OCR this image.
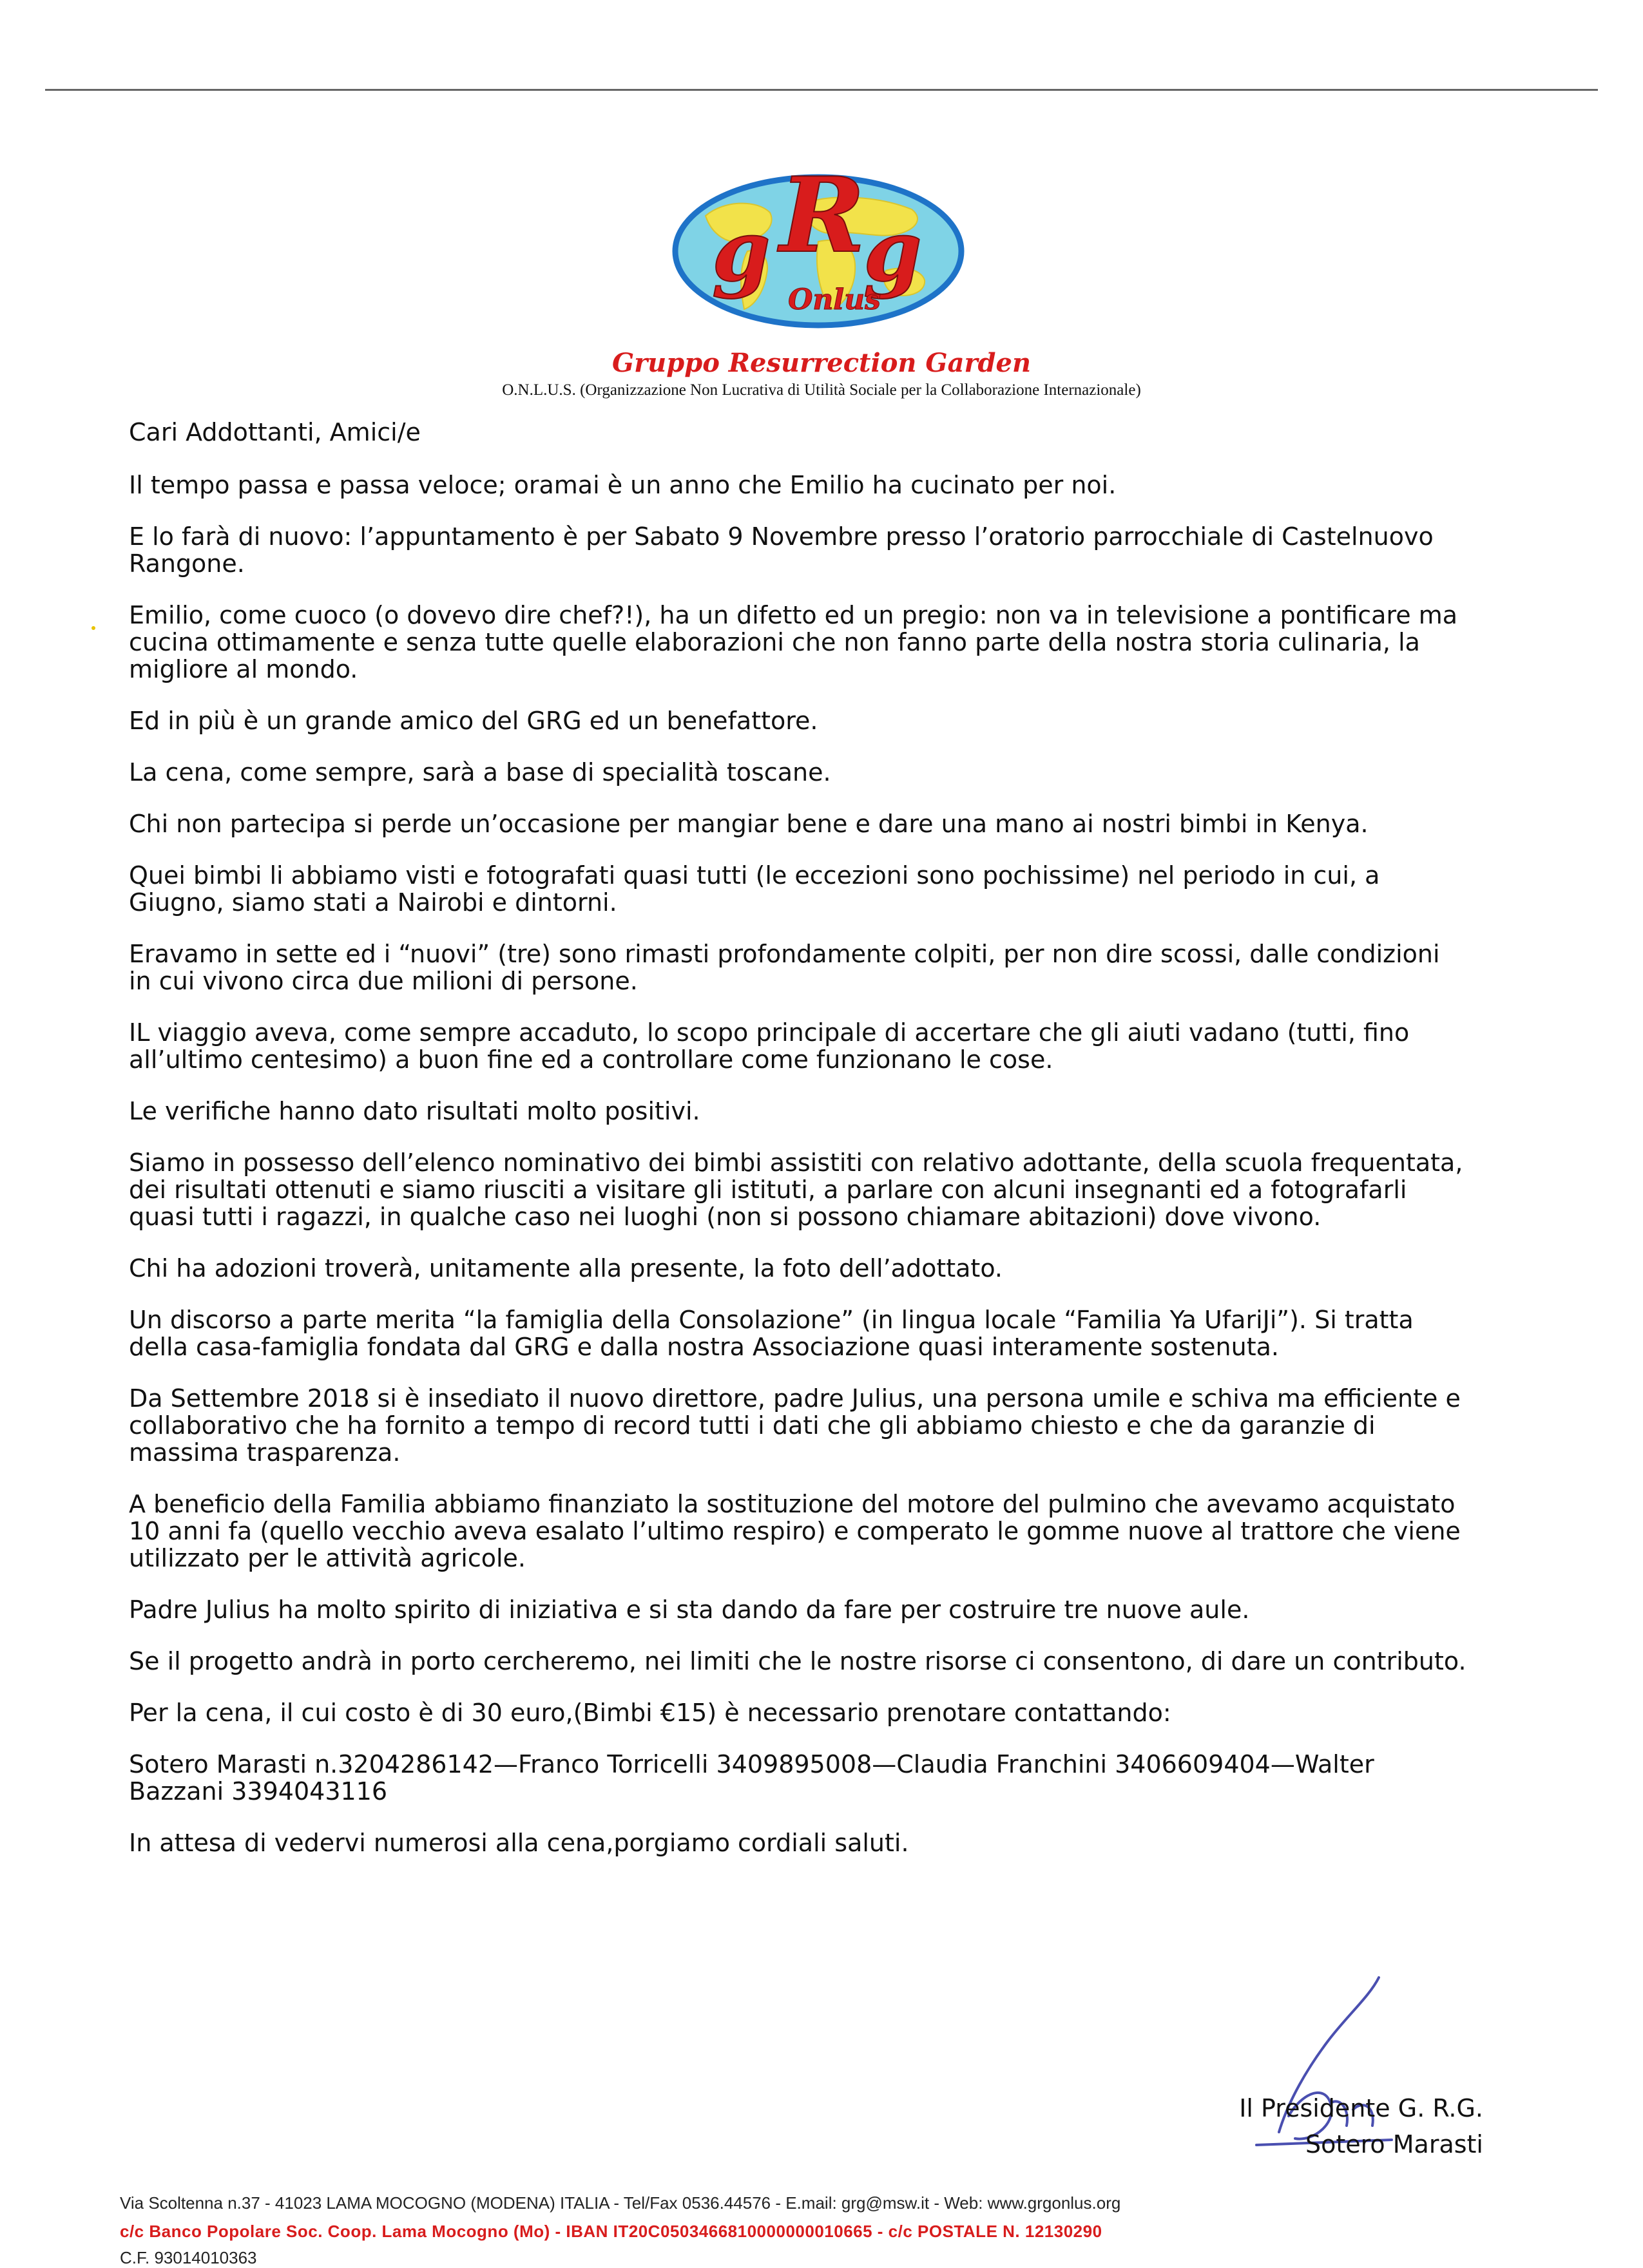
g R
g
Onlus
Gruppo Resurrection Garden
O.N.L.U.S. (Organizzazione Non Lucrativa di Utilità Sociale per la Collaborazione Internazionale)

Cari Addottanti, Amici/e

Il tempo passa e passa veloce; oramai è un anno che Emilio ha cucinato per noi.

E lo farà di nuovo: l’appuntamento è per Sabato 9 Novembre presso l’oratorio parrocchiale di Castelnuovo Rangone.

Emilio, come cuoco (o dovevo dire chef?!), ha un difetto ed un pregio: non va in televisione a pontificare ma cucina ottimamente e senza tutte quelle elaborazioni che non fanno parte della nostra storia culinaria, la migliore al mondo.

Ed in più è un grande amico del GRG ed un benefattore.

La cena, come sempre, sarà a base di specialità toscane.

Chi non partecipa si perde un’occasione per mangiar bene e dare una mano ai nostri bimbi in Kenya.

Quei bimbi li abbiamo visti e fotografati quasi tutti (le eccezioni sono pochissime) nel periodo in cui, a Giugno, siamo stati a Nairobi e dintorni.

Eravamo in sette ed i “nuovi” (tre) sono rimasti profondamente colpiti, per non dire scossi, dalle condizioni in cui vivono circa due milioni di persone.

IL viaggio aveva, come sempre accaduto, lo scopo principale di accertare che gli aiuti vadano (tutti, fino all’ultimo centesimo) a buon fine ed a controllare come funzionano le cose.

Le verifiche hanno dato risultati molto positivi.

Siamo in possesso dell’elenco nominativo dei bimbi assistiti con relativo adottante, della scuola frequentata, dei risultati ottenuti e siamo riusciti a visitare gli istituti, a parlare con alcuni insegnanti ed a fotografarli quasi tutti i ragazzi, in qualche caso nei luoghi (non si possono chiamare abitazioni) dove vivono.

Chi ha adozioni troverà, unitamente alla presente, la foto dell’adottato.

Un discorso a parte merita “la famiglia della Consolazione” (in lingua locale “Familia Ya UfariJi”). Si tratta della casa-famiglia fondata dal GRG e dalla nostra Associazione quasi interamente sostenuta.

Da Settembre 2018 si è insediato il nuovo direttore, padre Julius, una persona umile e schiva ma efficiente e collaborativo che ha fornito a tempo di record tutti i dati che gli abbiamo chiesto e che da garanzie di massima trasparenza.

A beneficio della Familia abbiamo finanziato la sostituzione del motore del pulmino che avevamo acquistato 10 anni fa (quello vecchio aveva esalato l’ultimo respiro) e comperato le gomme nuove al trattore che viene utilizzato per le attività agricole.

Padre Julius ha molto spirito di iniziativa e si sta dando da fare per costruire tre nuove aule.

Se il progetto andrà in porto cercheremo, nei limiti che le nostre risorse ci consentono, di dare un contributo.

Per la cena, il cui costo è di 30 euro,(Bimbi €15) è necessario prenotare contattando:

Sotero Marasti n.3204286142—Franco Torricelli 3409895008—Claudia Franchini 3406609404—Walter Bazzani 3394043116

In attesa di vedervi numerosi alla cena,porgiamo cordiali saluti.

Il Presidente G. R.G.
Sotero Marasti
Via Scoltenna n.37 - 41023 LAMA MOCOGNO (MODENA) ITALIA - Tel/Fax 0536.44576 - E.mail: grg@msw.it - Web: www.grgonlus.org
c/c Banco Popolare Soc. Coop. Lama Mocogno (Mo) - IBAN IT20C0503466810000000010665 - c/c POSTALE N. 12130290
C.F. 93014010363
